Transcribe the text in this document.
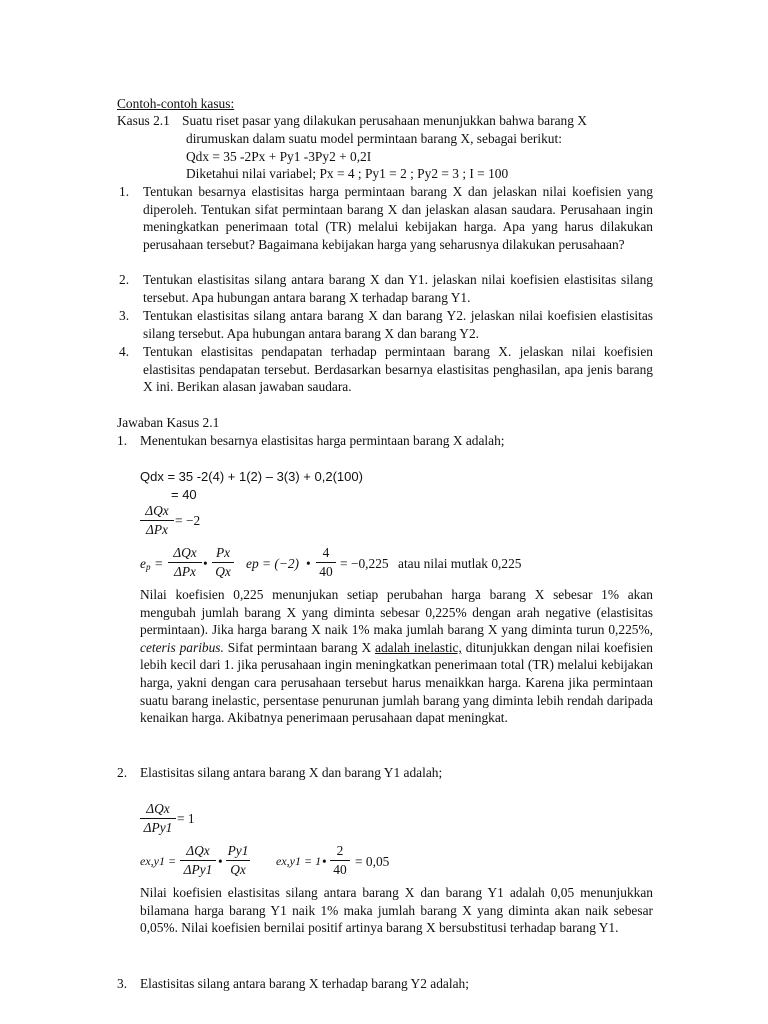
Contoh-contoh kasus:
Kasus 2.1 Suatu riset pasar yang dilakukan perusahaan menunjukkan bahwa barang X
dirumuskan dalam suatu model permintaan barang X, sebagai berikut:
Qdx = 35 -2Px + Py1 -3Py2 + 0,2I
Diketahui nilai variabel; Px = 4 ; Py1 = 2 ; Py2 = 3 ; I = 100
1. Tentukan besarnya elastisitas harga permintaan barang X dan jelaskan nilai koefisien yang diperoleh. Tentukan sifat permintaan barang X dan jelaskan alasan saudara. Perusahaan ingin meningkatkan penerimaan total (TR) melalui kebijakan harga. Apa yang harus dilakukan perusahaan tersebut? Bagaimana kebijakan harga yang seharusnya dilakukan perusahaan?
2. Tentukan elastisitas silang antara barang X dan Y1. jelaskan nilai koefisien elastisitas silang tersebut. Apa hubungan antara barang X terhadap barang Y1.
3. Tentukan elastisitas silang antara barang X dan barang Y2. jelaskan nilai koefisien elastisitas silang tersebut. Apa hubungan antara barang X dan barang Y2.
4. Tentukan elastisitas pendapatan terhadap permintaan barang X. jelaskan nilai koefisien elastisitas pendapatan tersebut. Berdasarkan besarnya elastisitas penghasilan, apa jenis barang X ini. Berikan alasan jawaban saudara.
Jawaban Kasus 2.1
1. Menentukan besarnya elastisitas harga permintaan barang X adalah;
Qdx = 35 -2(4) + 1(2) – 3(3) + 0,2(100)
= 40
ΔQx
ΔPx
= −2
$e_p$ =
ΔQx
ΔPx
•
Px
Qx
ep = (−2) •
4
40
= −0,225 atau nilai mutlak 0,225
Nilai koefisien 0,225 menunjukan setiap perubahan harga barang X sebesar 1% akan mengubah jumlah barang X yang diminta sebesar 0,225% dengan arah negative (elastisitas permintaan). Jika harga barang X naik 1% maka jumlah barang X yang diminta turun 0,225%, ceteris paribus. Sifat permintaan barang X adalah inelastic, ditunjukkan dengan nilai koefisien lebih kecil dari 1. jika perusahaan ingin meningkatkan penerimaan total (TR) melalui kebijakan harga, yakni dengan cara perusahaan tersebut harus menaikkan harga. Karena jika permintaan suatu barang inelastic, persentase penurunan jumlah barang yang diminta lebih rendah daripada kenaikan harga. Akibatnya penerimaan perusahaan dapat meningkat.
2. Elastisitas silang antara barang X dan barang Y1 adalah;
ΔQx
ΔPy1
= 1
ex,y1 =
ΔQx
ΔPy1
•
Py1
Qx
ex,y1 = 1 •
2
40
= 0,05
Nilai koefisien elastisitas silang antara barang X dan barang Y1 adalah 0,05 menunjukkan bilamana harga barang Y1 naik 1% maka jumlah barang X yang diminta akan naik sebesar 0,05%. Nilai koefisien bernilai positif artinya barang X bersubstitusi terhadap barang Y1.
3. Elastisitas silang antara barang X terhadap barang Y2 adalah;
